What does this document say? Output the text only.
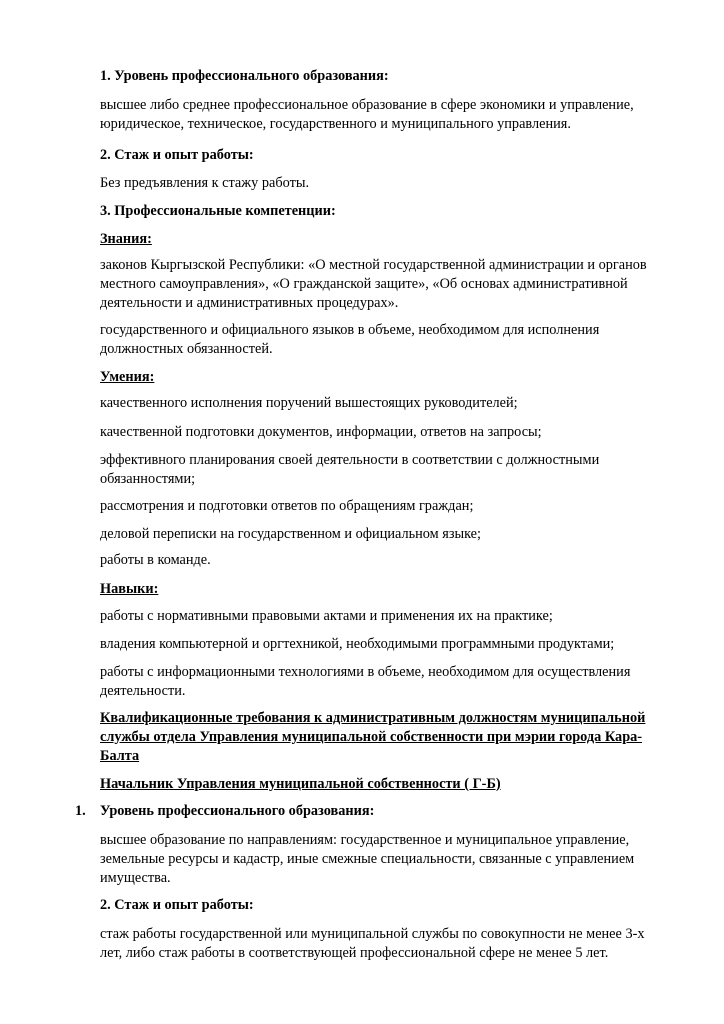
1. Уровень профессионального образования:
высшее либо среднее профессиональное образование в сфере экономики и управление,
юридическое, техническое, государственного и муниципального управления.
2. Стаж и опыт работы:
Без предъявления к стажу работы.
3. Профессиональные компетенции:
Знания:
законов Кыргызской Республики: «О местной государственной администрации и органов
местного самоуправления», «О гражданской защите», «Об основах административной
деятельности и административных процедурах».
государственного и официального языков в объеме, необходимом для исполнения
должностных обязанностей.
Умения:
качественного исполнения поручений вышестоящих руководителей;
качественной подготовки документов, информации, ответов на запросы;
эффективного планирования своей деятельности в соответствии с должностными
обязанностями;
рассмотрения и подготовки ответов по обращениям граждан;
деловой переписки на государственном и официальном языке;
работы в команде.
Навыки:
работы с нормативными правовыми актами и применения их на практике;
владения компьютерной и оргтехникой, необходимыми программными продуктами;
работы с информационными технологиями в объеме, необходимом для осуществления
деятельности.
Квалификационные требования к административным должностям муниципальной
службы отдела Управления муниципальной собственности при мэрии города Кара-
Балта
Начальник Управления муниципальной собственности ( Г-Б)
1. Уровень профессионального образования:
высшее образование по направлениям: государственное и муниципальное управление,
земельные ресурсы и кадастр, иные смежные специальности, связанные с управлением
имущества.
2. Стаж и опыт работы:
стаж работы государственной или муниципальной службы по совокупности не менее 3-х
лет, либо стаж работы в соответствующей профессиональной сфере не менее 5 лет.
